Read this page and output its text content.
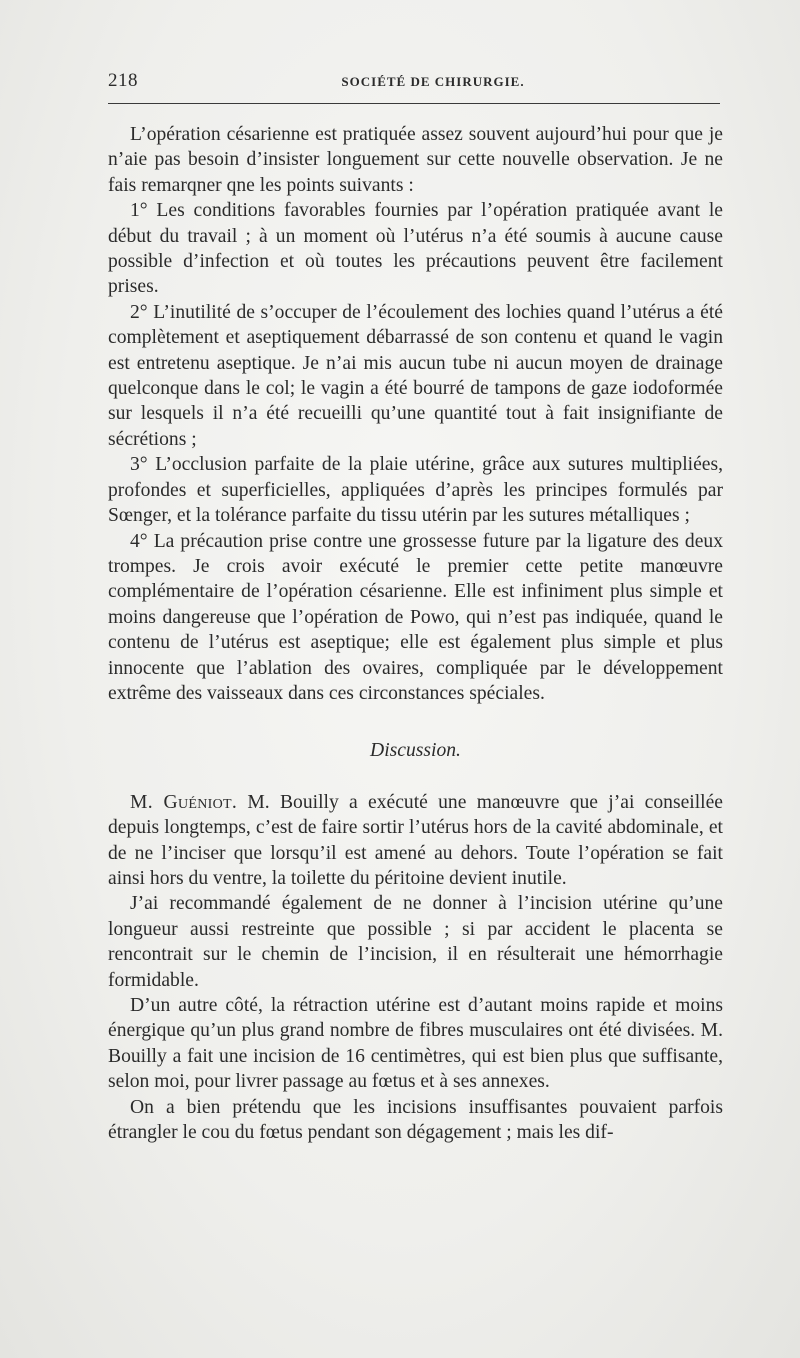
218	SOCIÉTÉ DE CHIRURGIE.

L’opération césarienne est pratiquée assez souvent aujourd’hui pour que je n’aie pas besoin d’insister longuement sur cette nouvelle observation. Je ne fais remarqner qne les points suivants :

1° Les conditions favorables fournies par l’opération pratiquée avant le début du travail ; à un moment où l’utérus n’a été soumis à aucune cause possible d’infection et où toutes les précautions peuvent être facilement prises.

2° L’inutilité de s’occuper de l’écoulement des lochies quand l’utérus a été complètement et aseptiquement débarrassé de son contenu et quand le vagin est entretenu aseptique. Je n’ai mis aucun tube ni aucun moyen de drainage quelconque dans le col; le vagin a été bourré de tampons de gaze iodoformée sur lesquels il n’a été recueilli qu’une quantité tout à fait insignifiante de sécrétions ;

3° L’occlusion parfaite de la plaie utérine, grâce aux sutures multipliées, profondes et superficielles, appliquées d’après les principes formulés par Sœnger, et la tolérance parfaite du tissu utérin par les sutures métalliques ;

4° La précaution prise contre une grossesse future par la ligature des deux trompes. Je crois avoir exécuté le premier cette petite manœuvre complémentaire de l’opération césarienne. Elle est infiniment plus simple et moins dangereuse que l’opération de Powo, qui n’est pas indiquée, quand le contenu de l’utérus est aseptique; elle est également plus simple et plus innocente que l’ablation des ovaires, compliquée par le développement extrême des vaisseaux dans ces circonstances spéciales.

Discussion.

M. Guéniot. M. Bouilly a exécuté une manœuvre que j’ai conseillée depuis longtemps, c’est de faire sortir l’utérus hors de la cavité abdominale, et de ne l’inciser que lorsqu’il est amené au dehors. Toute l’opération se fait ainsi hors du ventre, la toilette du péritoine devient inutile.

J’ai recommandé également de ne donner à l’incision utérine qu’une longueur aussi restreinte que possible ; si par accident le placenta se rencontrait sur le chemin de l’incision, il en résulterait une hémorrhagie formidable.

D’un autre côté, la rétraction utérine est d’autant moins rapide et moins énergique qu’un plus grand nombre de fibres musculaires ont été divisées. M. Bouilly a fait une incision de 16 centimètres, qui est bien plus que suffisante, selon moi, pour livrer passage au fœtus et à ses annexes.

On a bien prétendu que les incisions insuffisantes pouvaient parfois étrangler le cou du fœtus pendant son dégagement ; mais les dif-
